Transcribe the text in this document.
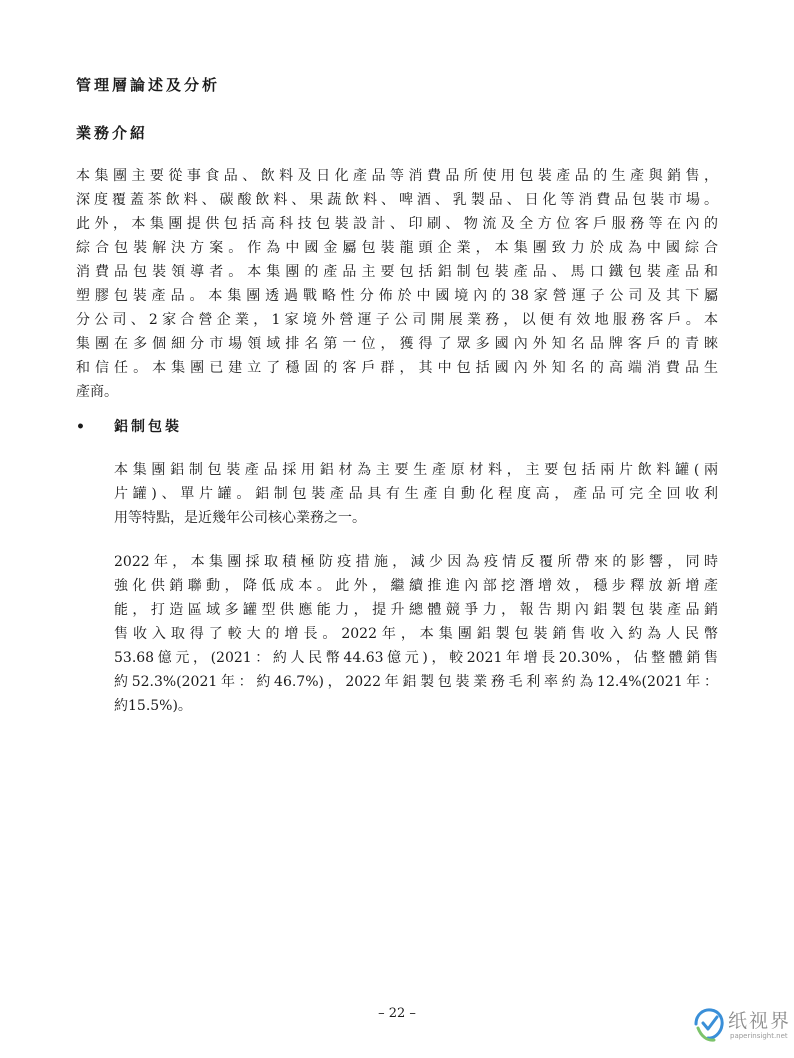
管理層論述及分析
業務介紹

本集團主要從事食品、飲料及日化產品等消費品所使用包裝產品的生產與銷售，
深度覆蓋茶飲料、碳酸飲料、果蔬飲料、啤酒、乳製品、日化等消費品包裝市場。
此外，本集團提供包括高科技包裝設計、印刷、物流及全方位客戶服務等在內的
綜合包裝解決方案。作為中國金屬包裝龍頭企業，本集團致力於成為中國綜合
消費品包裝領導者。本集團的產品主要包括鋁制包裝產品、馬口鐵包裝產品和
塑膠包裝產品。本集團透過戰略性分佈於中國境內的38家營運子公司及其下屬
分公司、2家合營企業，1家境外營運子公司開展業務，以便有效地服務客戶。本
集團在多個細分市場領域排名第一位，獲得了眾多國內外知名品牌客戶的青睞
和信任。本集團已建立了穩固的客戶群，其中包括國內外知名的高端消費品生
產商。

• 鋁制包裝

本集團鋁制包裝產品採用鋁材為主要生產原材料，主要包括兩片飲料罐(兩
片罐)、單片罐。鋁制包裝產品具有生產自動化程度高，產品可完全回收利
用等特點，是近幾年公司核心業務之一。

2022年，本集團採取積極防疫措施，減少因為疫情反覆所帶來的影響，同時
強化供銷聯動，降低成本。此外，繼續推進內部挖潛增效，穩步釋放新增產
能，打造區域多罐型供應能力，提升總體競爭力，報告期內鋁製包裝產品銷
售收入取得了較大的增長。2022年，本集團鋁製包裝銷售收入約為人民幣
53.68億元，(2021：約人民幣44.63億元)，較2021年增長20.30%，佔整體銷售
約52.3%(2021年：約46.7%)，2022年鋁製包裝業務毛利率約為12.4%(2021年：
約15.5%)。

– 22 –	纸视界
paperinsight.net
